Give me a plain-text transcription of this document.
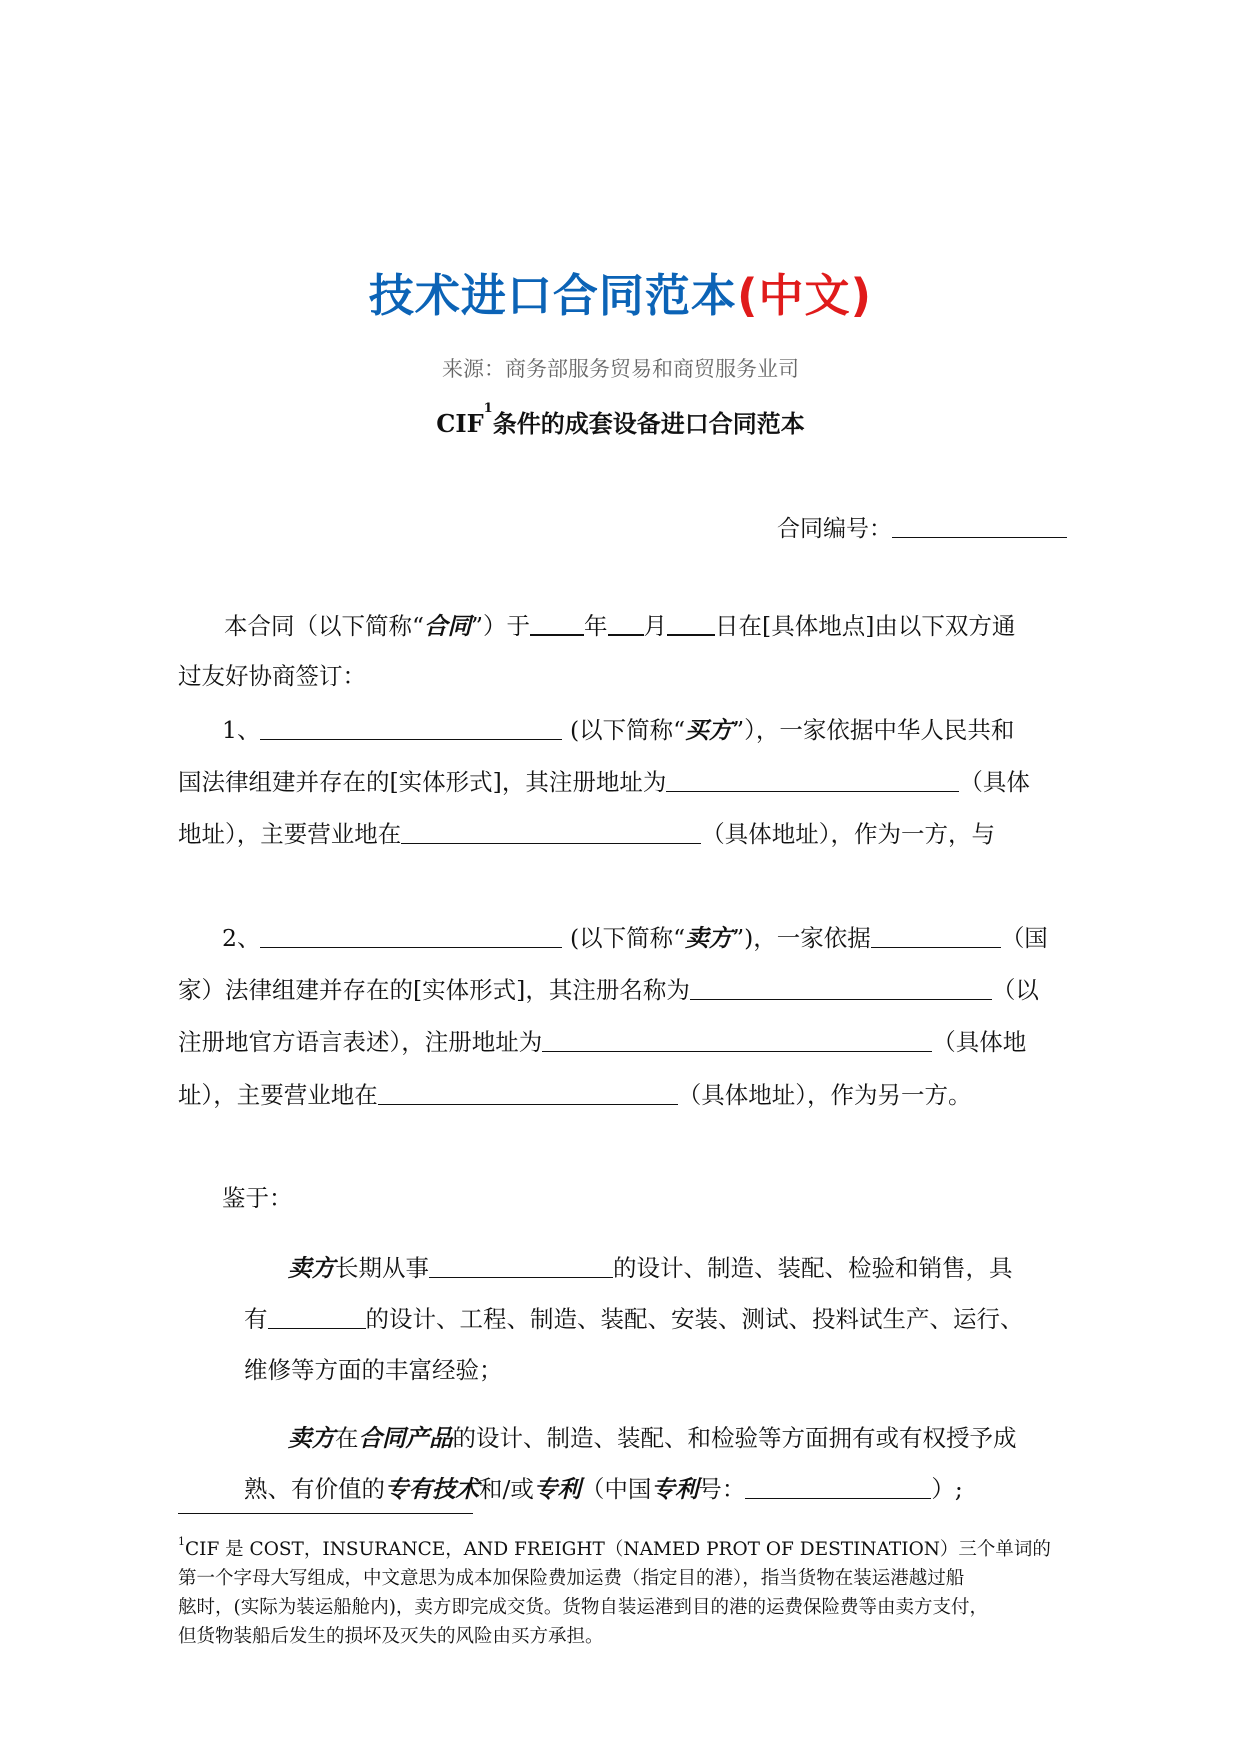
技术进口合同范本(中文)
来源：商务部服务贸易和商贸服务业司
CIF$^1$条件的成套设备进口合同范本
合同编号：
本合同（以下简称“合同”）于 年 月 日在[具体地点]由以下双方通
过友好协商签订：
1、	(以下简称“买方”），一家依据中华人民共和
国法律组建并存在的[实体形式]，其注册地址为	（具体
地址），主要营业地在	（具体地址），作为一方，与
2、	(以下简称“卖方”)，一家依据	（国
家）法律组建并存在的[实体形式]，其注册名称为	（以
注册地官方语言表述），注册地址为	（具体地
址），主要营业地在	（具体地址），作为另一方。
鉴于：
卖方长期从事	的设计、制造、装配、检验和销售，具
有	的设计、工程、制造、装配、安装、测试、投料试生产、运行、
维修等方面的丰富经验；
卖方在合同产品的设计、制造、装配、和检验等方面拥有或有权授予成
熟、有价值的专有技术和/或专利（中国专利号：	）;
$^1$CIF 是 COST，INSURANCE，AND FREIGHT（NAMED PROT OF DESTINATION）三个单词的
第一个字母大写组成，中文意思为成本加保险费加运费（指定目的港），指当货物在装运港越过船
舷时，(实际为装运船舱内)，卖方即完成交货。货物自装运港到目的港的运费保险费等由卖方支付，
但货物装船后发生的损坏及灭失的风险由买方承担。
